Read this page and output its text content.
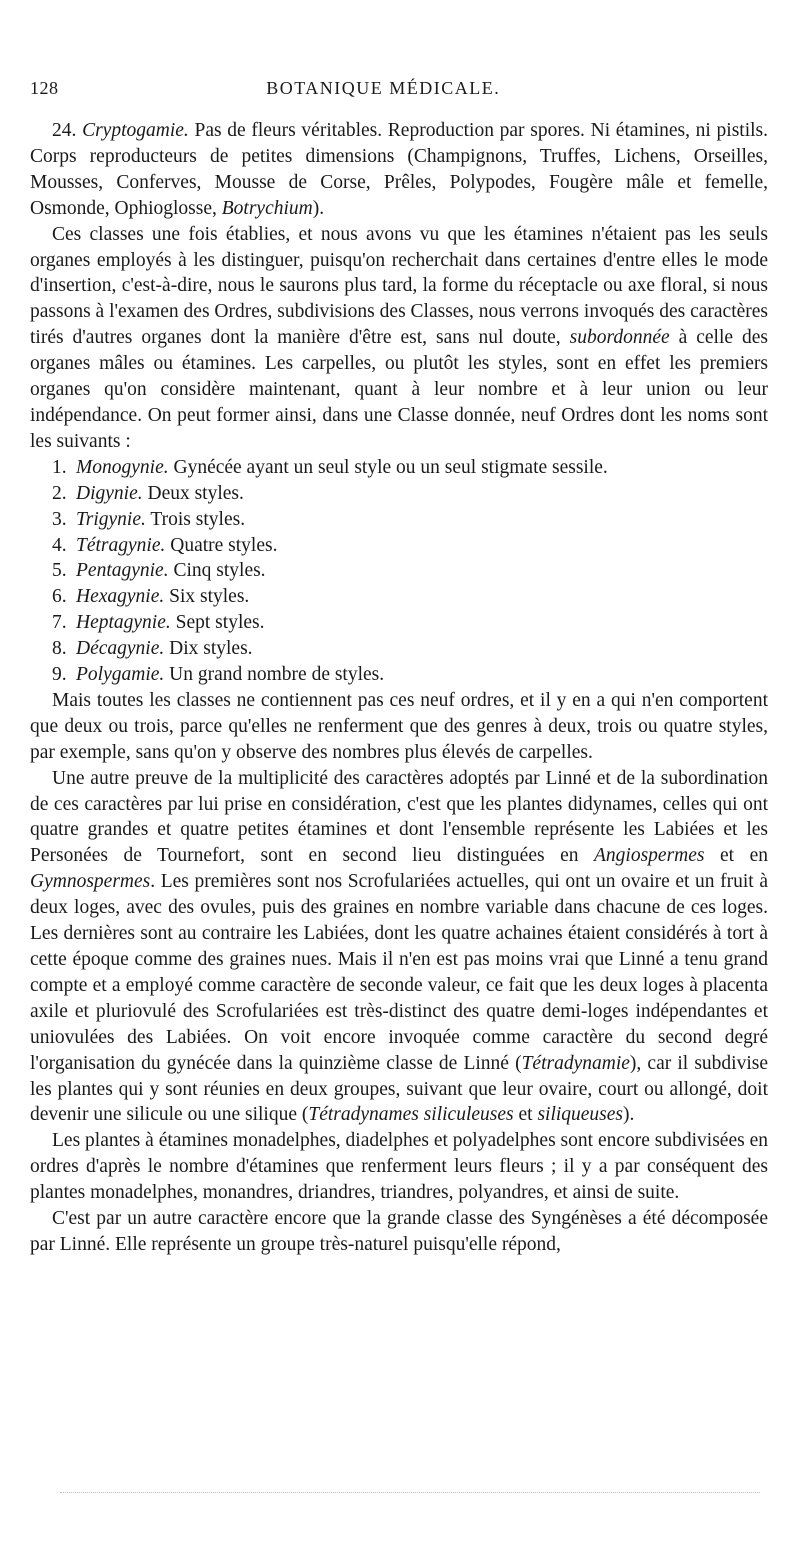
128	BOTANIQUE MÉDICALE.

24. Cryptogamie. Pas de fleurs véritables. Reproduction par spores. Ni étamines, ni pistils. Corps reproducteurs de petites dimensions (Champignons, Truffes, Lichens, Orseilles, Mousses, Conferves, Mousse de Corse, Prêles, Polypodes, Fougère mâle et femelle, Osmonde, Ophioglosse, Botrychium).

Ces classes une fois établies, et nous avons vu que les étamines n'étaient pas les seuls organes employés à les distinguer, puisqu'on recherchait dans certaines d'entre elles le mode d'insertion, c'est-à-dire, nous le saurons plus tard, la forme du réceptacle ou axe floral, si nous passons à l'examen des Ordres, subdivisions des Classes, nous verrons invoqués des caractères tirés d'autres organes dont la manière d'être est, sans nul doute, subordonnée à celle des organes mâles ou étamines. Les carpelles, ou plutôt les styles, sont en effet les premiers organes qu'on considère maintenant, quant à leur nombre et à leur union ou leur indépendance. On peut former ainsi, dans une Classe donnée, neuf Ordres dont les noms sont les suivants :

1. Monogynie. Gynécée ayant un seul style ou un seul stigmate sessile.
2. Digynie. Deux styles.
3. Trigynie. Trois styles.
4. Tétragynie. Quatre styles.
5. Pentagynie. Cinq styles.
6. Hexagynie. Six styles.
7. Heptagynie. Sept styles.
8. Décagynie. Dix styles.
9. Polygamie. Un grand nombre de styles.

Mais toutes les classes ne contiennent pas ces neuf ordres, et il y en a qui n'en comportent que deux ou trois, parce qu'elles ne renferment que des genres à deux, trois ou quatre styles, par exemple, sans qu'on y observe des nombres plus élevés de carpelles.

Une autre preuve de la multiplicité des caractères adoptés par Linné et de la subordination de ces caractères par lui prise en considération, c'est que les plantes didynames, celles qui ont quatre grandes et quatre petites étamines et dont l'ensemble représente les Labiées et les Personées de Tournefort, sont en second lieu distinguées en Angiospermes et en Gymnospermes. Les premières sont nos Scrofulariées actuelles, qui ont un ovaire et un fruit à deux loges, avec des ovules, puis des graines en nombre variable dans chacune de ces loges. Les dernières sont au contraire les Labiées, dont les quatre achaines étaient considérés à tort à cette époque comme des graines nues. Mais il n'en est pas moins vrai que Linné a tenu grand compte et a employé comme caractère de seconde valeur, ce fait que les deux loges à placenta axile et pluriovulé des Scrofulariées est très-distinct des quatre demi-loges indépendantes et uniovulées des Labiées. On voit encore invoquée comme caractère du second degré l'organisation du gynécée dans la quinzième classe de Linné (Tétradynamie), car il subdivise les plantes qui y sont réunies en deux groupes, suivant que leur ovaire, court ou allongé, doit devenir une silicule ou une silique (Tétradynames siliculeuses et siliqueuses).

Les plantes à étamines monadelphes, diadelphes et polyadelphes sont encore subdivisées en ordres d'après le nombre d'étamines que renferment leurs fleurs ; il y a par conséquent des plantes monadelphes, monandres, driandres, triandres, polyandres, et ainsi de suite.

C'est par un autre caractère encore que la grande classe des Syngénèses a été décomposée par Linné. Elle représente un groupe très-naturel puisqu'elle répond,
